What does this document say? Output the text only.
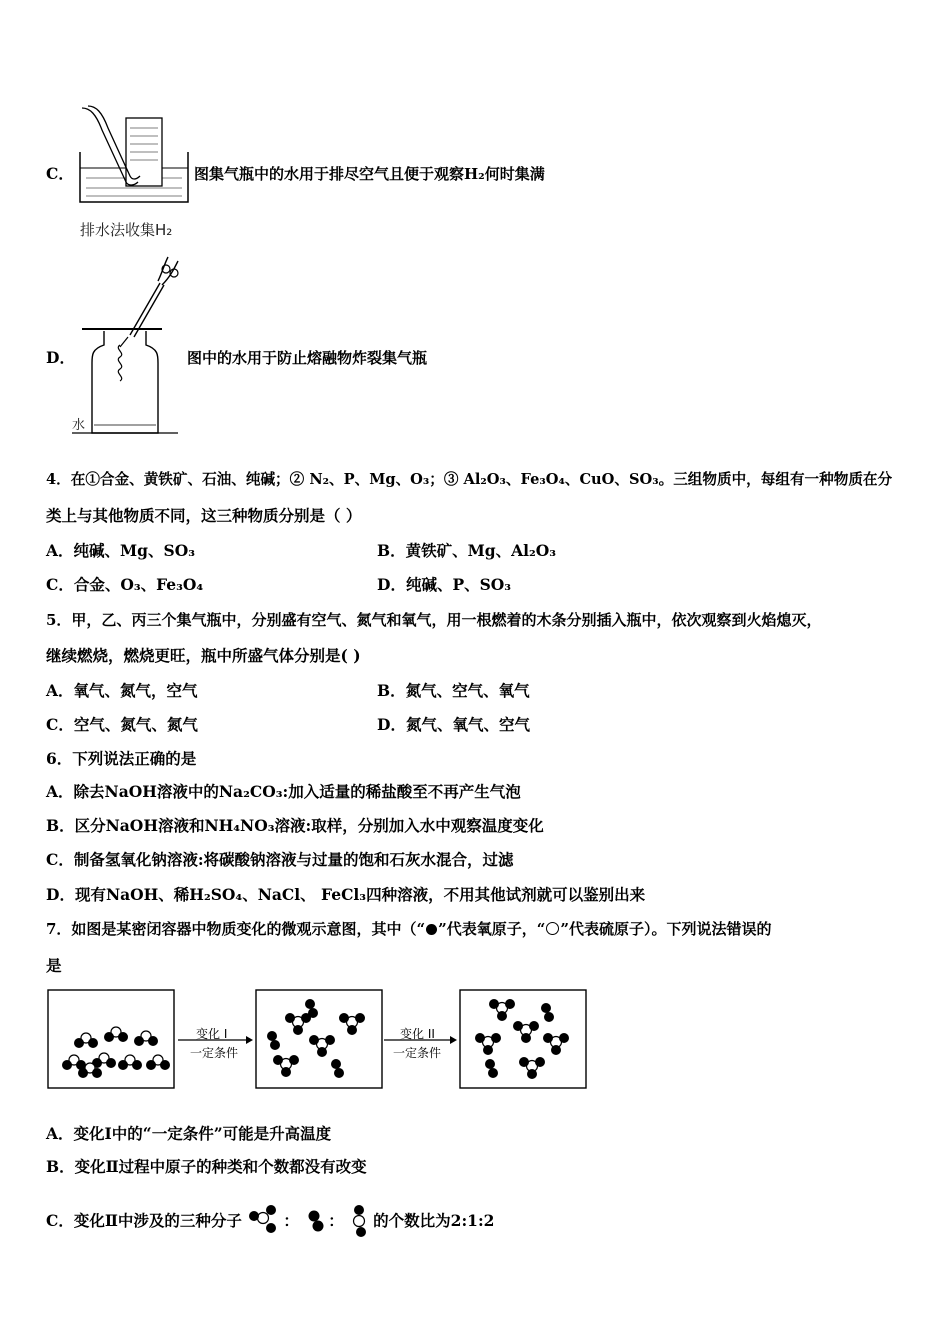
C．	图集气瓶中的水用于排尽空气且便于观察H₂何时集满
排水法收集H₂
水
D．	图中的水用于防止熔融物炸裂集气瓶
4．在①合金、黄铁矿、石油、纯碱；② N₂、P、Mg、O₃；③ Al₂O₃、Fe₃O₄、CuO、SO₃。三组物质中，每组有一种物质在分
类上与其他物质不同，这三种物质分别是（ ）
A．纯碱、Mg、SO₃	B．黄铁矿、Mg、Al₂O₃
C．合金、O₃、Fe₃O₄	D．纯碱、P、SO₃
5．甲，乙、丙三个集气瓶中，分别盛有空气、氮气和氧气，用一根燃着的木条分别插入瓶中，依次观察到火焰熄灭，
继续燃烧，燃烧更旺，瓶中所盛气体分别是( )
A．氧气、氮气，空气	B．氮气、空气、氧气
C．空气、氮气、氮气	D．氮气、氧气、空气
6．下列说法正确的是
A．除去NaOH溶液中的Na₂CO₃:加入适量的稀盐酸至不再产生气泡
B．区分NaOH溶液和NH₄NO₃溶液:取样，分别加入水中观察温度变化
C．制备氢氧化钠溶液:将碳酸钠溶液与过量的饱和石灰水混合，过滤
D．现有NaOH、稀H₂SO₄、NaCl、 FeCl₃四种溶液，不用其他试剂就可以鉴别出来
7．如图是某密闭容器中物质变化的微观示意图，其中（“ ”代表氧原子，“ ”代表硫原子）。下列说法错误的
是
变化 I
一定条件
变化 II
一定条件
A．变化Ⅰ中的“一定条件”可能是升高温度
B．变化Ⅱ过程中原子的种类和个数都没有改变
C．变化Ⅱ中涉及的三种分子	： ： 的个数比为2:1:2
